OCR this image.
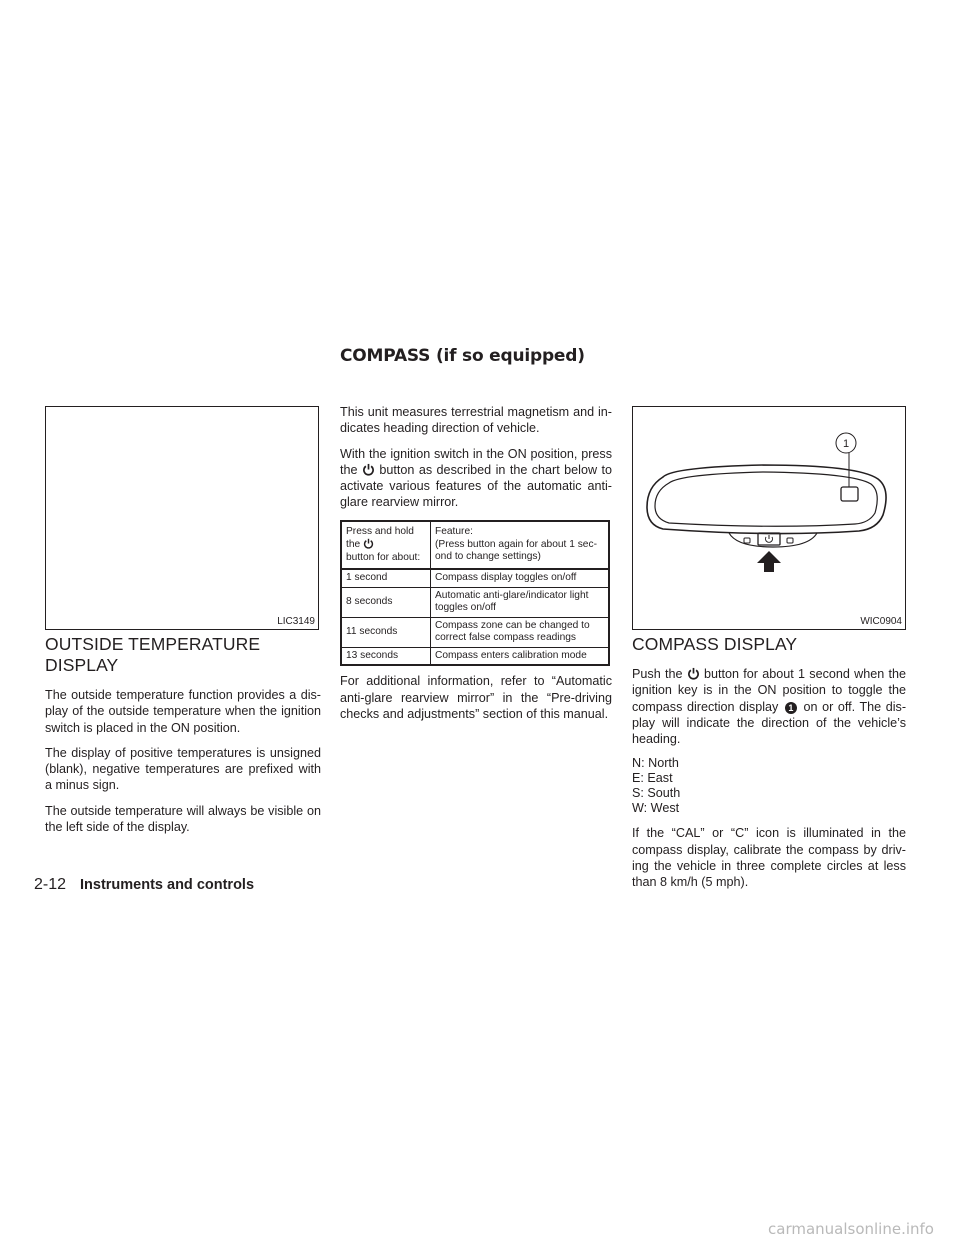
COMPASS (if so equipped)
LIC3149
OUTSIDE TEMPERATURE DISPLAY

The outside temperature function provides a dis-play of the outside temperature when the ignition switch is placed in the ON position.

The display of positive temperatures is unsigned (blank), negative temperatures are prefixed with a minus sign.

The outside temperature will always be visible on the left side of the display.

This unit measures terrestrial magnetism and in-dicates heading direction of vehicle.

With the ignition switch in the ON position, press the button as described in the chart below to activate various features of the automatic anti-glare rearview mirror.

Press and hold
the
button for about:	Feature:
(Press button again for about 1 sec-ond to change settings)
1 second	Compass display toggles on/off
8 seconds	Automatic anti-glare/indicator light toggles on/off
11 seconds	Compass zone can be changed to correct false compass readings
13 seconds	Compass enters calibration mode

For additional information, refer to “Automatic anti-glare rearview mirror” in the “Pre-driving checks and adjustments” section of this manual.

1
WIC0904
COMPASS DISPLAY

Push the button for about 1 second when the ignition key is in the ON position to toggle the compass direction display 1 on or off. The dis-play will indicate the direction of the vehicle’s heading.

N: North

E: East

S: South

W: West

If the “CAL” or “C” icon is illuminated in the compass display, calibrate the compass by driv-ing the vehicle in three complete circles at less than 8 km/h (5 mph).

2-12 Instruments and controls
carmanualsonline.info
